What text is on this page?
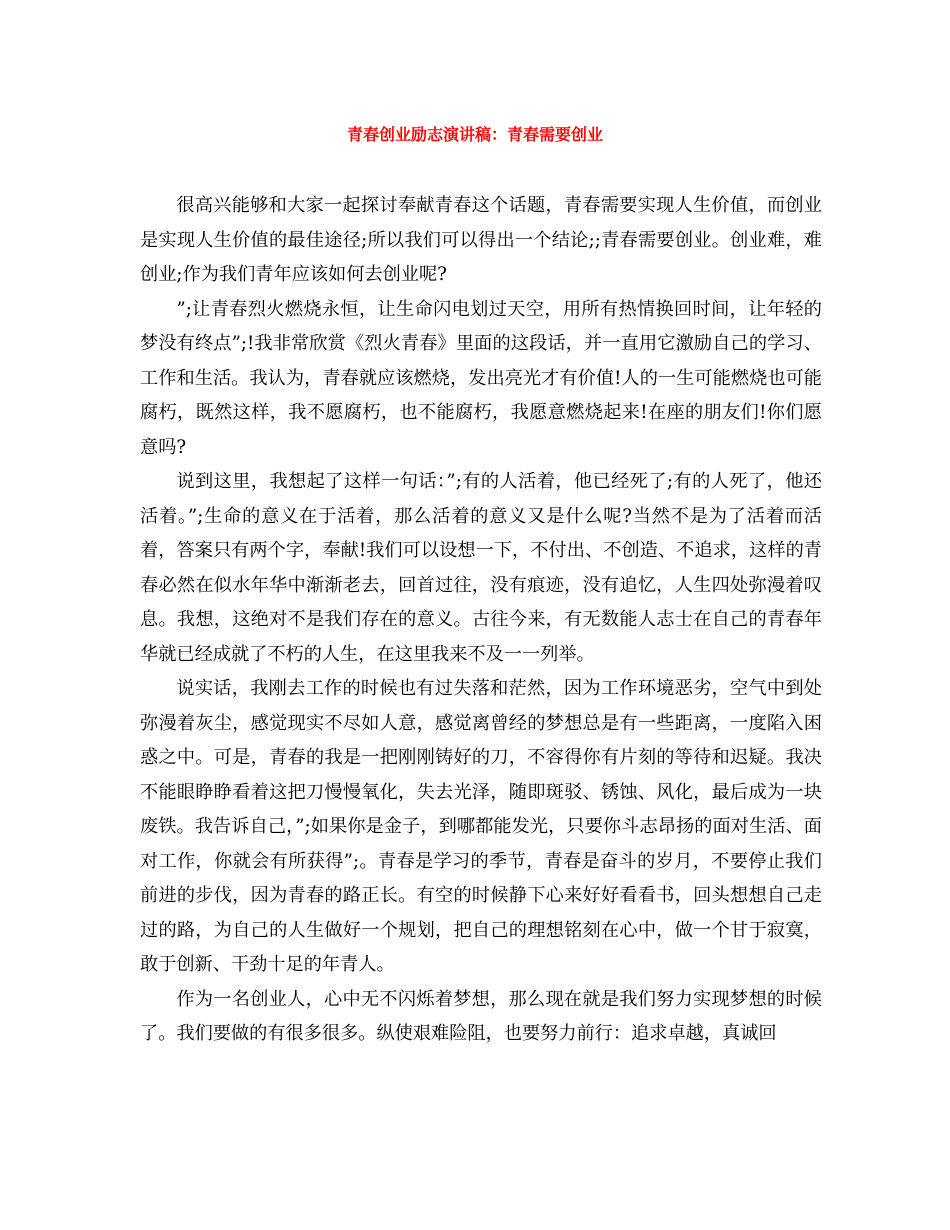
青春创业励志演讲稿：青春需要创业

很高兴能够和大家一起探讨奉献青春这个话题，青春需要实现人生价值，而创业是实现人生价值的最佳途径;所以我们可以得出一个结论;;青春需要创业。创业难，难创业;作为我们青年应该如何去创业呢?

”;让青春烈火燃烧永恒，让生命闪电划过天空，用所有热情换回时间，让年轻的梦没有终点”;!我非常欣赏《烈火青春》里面的这段话，并一直用它激励自己的学习、工作和生活。我认为，青春就应该燃烧，发出亮光才有价值!人的一生可能燃烧也可能腐朽，既然这样，我不愿腐朽，也不能腐朽，我愿意燃烧起来!在座的朋友们!你们愿意吗?

说到这里，我想起了这样一句话：”;有的人活着，他已经死了;有的人死了，他还活着。”;生命的意义在于活着，那么活着的意义又是什么呢?当然不是为了活着而活着，答案只有两个字，奉献!我们可以设想一下，不付出、不创造、不追求，这样的青春必然在似水年华中渐渐老去，回首过往，没有痕迹，没有追忆，人生四处弥漫着叹息。我想，这绝对不是我们存在的意义。古往今来，有无数能人志士在自己的青春年华就已经成就了不朽的人生，在这里我来不及一一列举。

说实话，我刚去工作的时候也有过失落和茫然，因为工作环境恶劣，空气中到处弥漫着灰尘，感觉现实不尽如人意，感觉离曾经的梦想总是有一些距离，一度陷入困惑之中。可是，青春的我是一把刚刚铸好的刀，不容得你有片刻的等待和迟疑。我决不能眼睁睁看着这把刀慢慢氧化，失去光泽，随即斑驳、锈蚀、风化，最后成为一块废铁。我告诉自己，”;如果你是金子，到哪都能发光，只要你斗志昂扬的面对生活、面对工作，你就会有所获得”;。青春是学习的季节，青春是奋斗的岁月，不要停止我们前进的步伐，因为青春的路正长。有空的时候静下心来好好看看书，回头想想自己走过的路，为自己的人生做好一个规划，把自己的理想铭刻在心中，做一个甘于寂寞，敢于创新、干劲十足的年青人。

作为一名创业人，心中无不闪烁着梦想，那么现在就是我们努力实现梦想的时候了。我们要做的有很多很多。纵使艰难险阻，也要努力前行：追求卓越，真诚回
